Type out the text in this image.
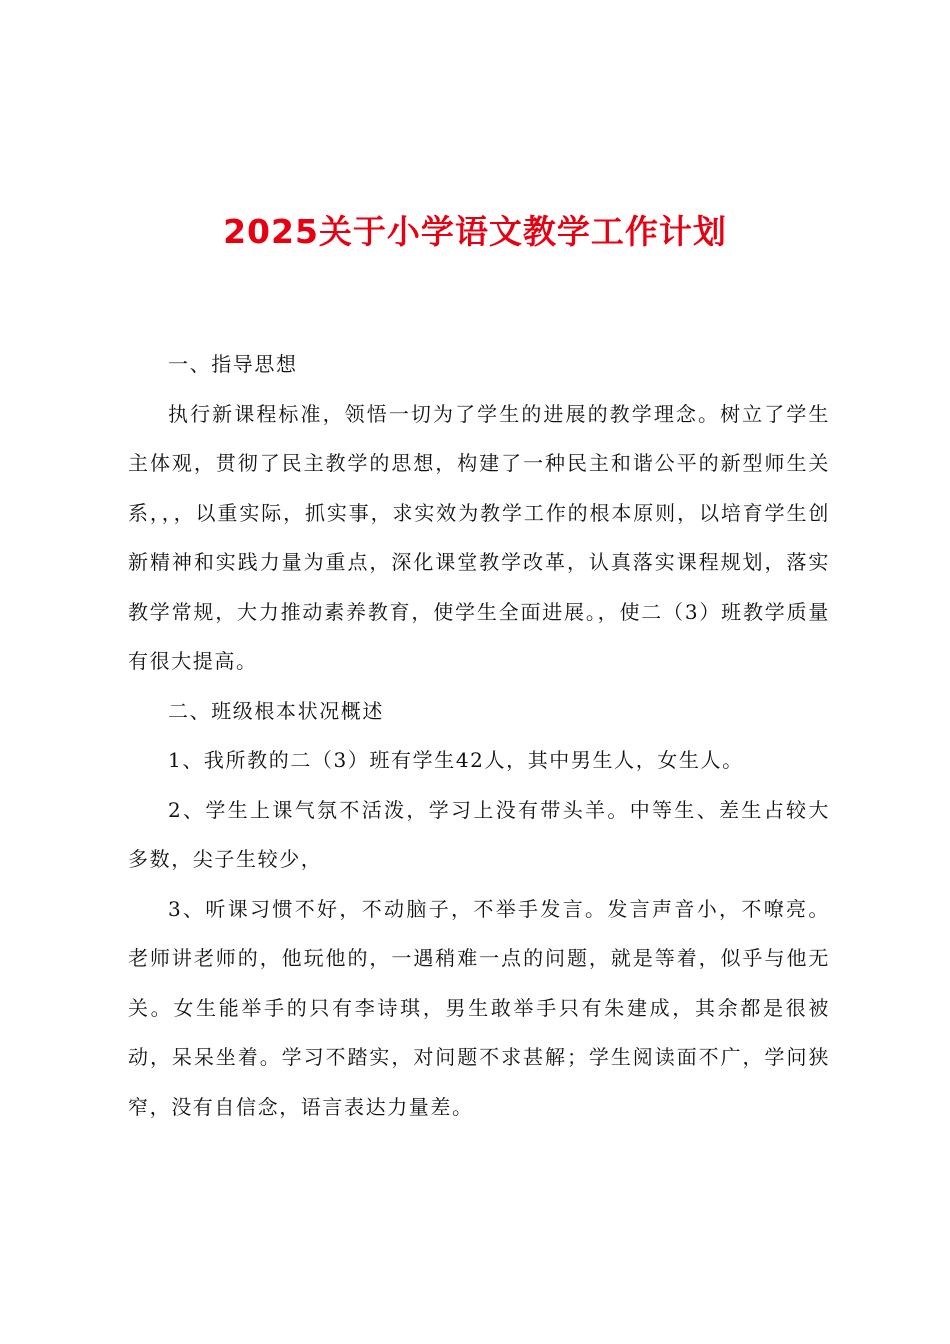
2025关于小学语文教学工作计划

一、指导思想

执行新课程标准，领悟一切为了学生的进展的教学理念。树立了学生主体观，贯彻了民主教学的思想，构建了一种民主和谐公平的新型师生关系，，，以重实际，抓实事，求实效为教学工作的根本原则，以培育学生创新精神和实践力量为重点，深化课堂教学改革，认真落实课程规划，落实教学常规，大力推动素养教育，使学生全面进展。，使二（3）班教学质量有很大提高。

二、班级根本状况概述

1、我所教的二（3）班有学生42人，其中男生人，女生人。

2、学生上课气氛不活泼，学习上没有带头羊。中等生、差生占较大多数，尖子生较少，

3、听课习惯不好，不动脑子，不举手发言。发言声音小，不嘹亮。老师讲老师的，他玩他的，一遇稍难一点的问题，就是等着，似乎与他无关。女生能举手的只有李诗琪，男生敢举手只有朱建成，其余都是很被动，呆呆坐着。学习不踏实，对问题不求甚解；学生阅读面不广，学问狭窄，没有自信念，语言表达力量差。
